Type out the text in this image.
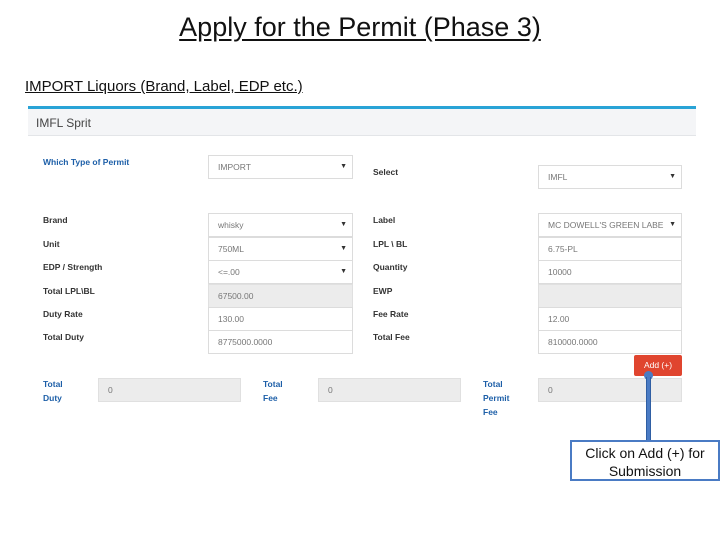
Apply for the Permit (Phase 3)
IMPORT Liquors (Brand, Label, EDP etc.)
IMFL Sprit
Which Type of Permit	IMPORT	▼
Select	IMFL	▼
Brand	whisky	▼	Label	MC DOWELL'S GREEN LABE ▼
Unit	750ML	▼	LPL \ BL	6.75-PL
EDP / Strength	<=.00	▼	Quantity	10000
Total LPL\BL	67500.00	EWP
Duty Rate	130.00	Fee Rate	12.00
Total Duty	8775000.0000	Total Fee	810000.0000
Add (+)
Total
Duty
0
Total
Fee
0
Total
Permit
Fee
0
Click on Add (+) for
Submission
